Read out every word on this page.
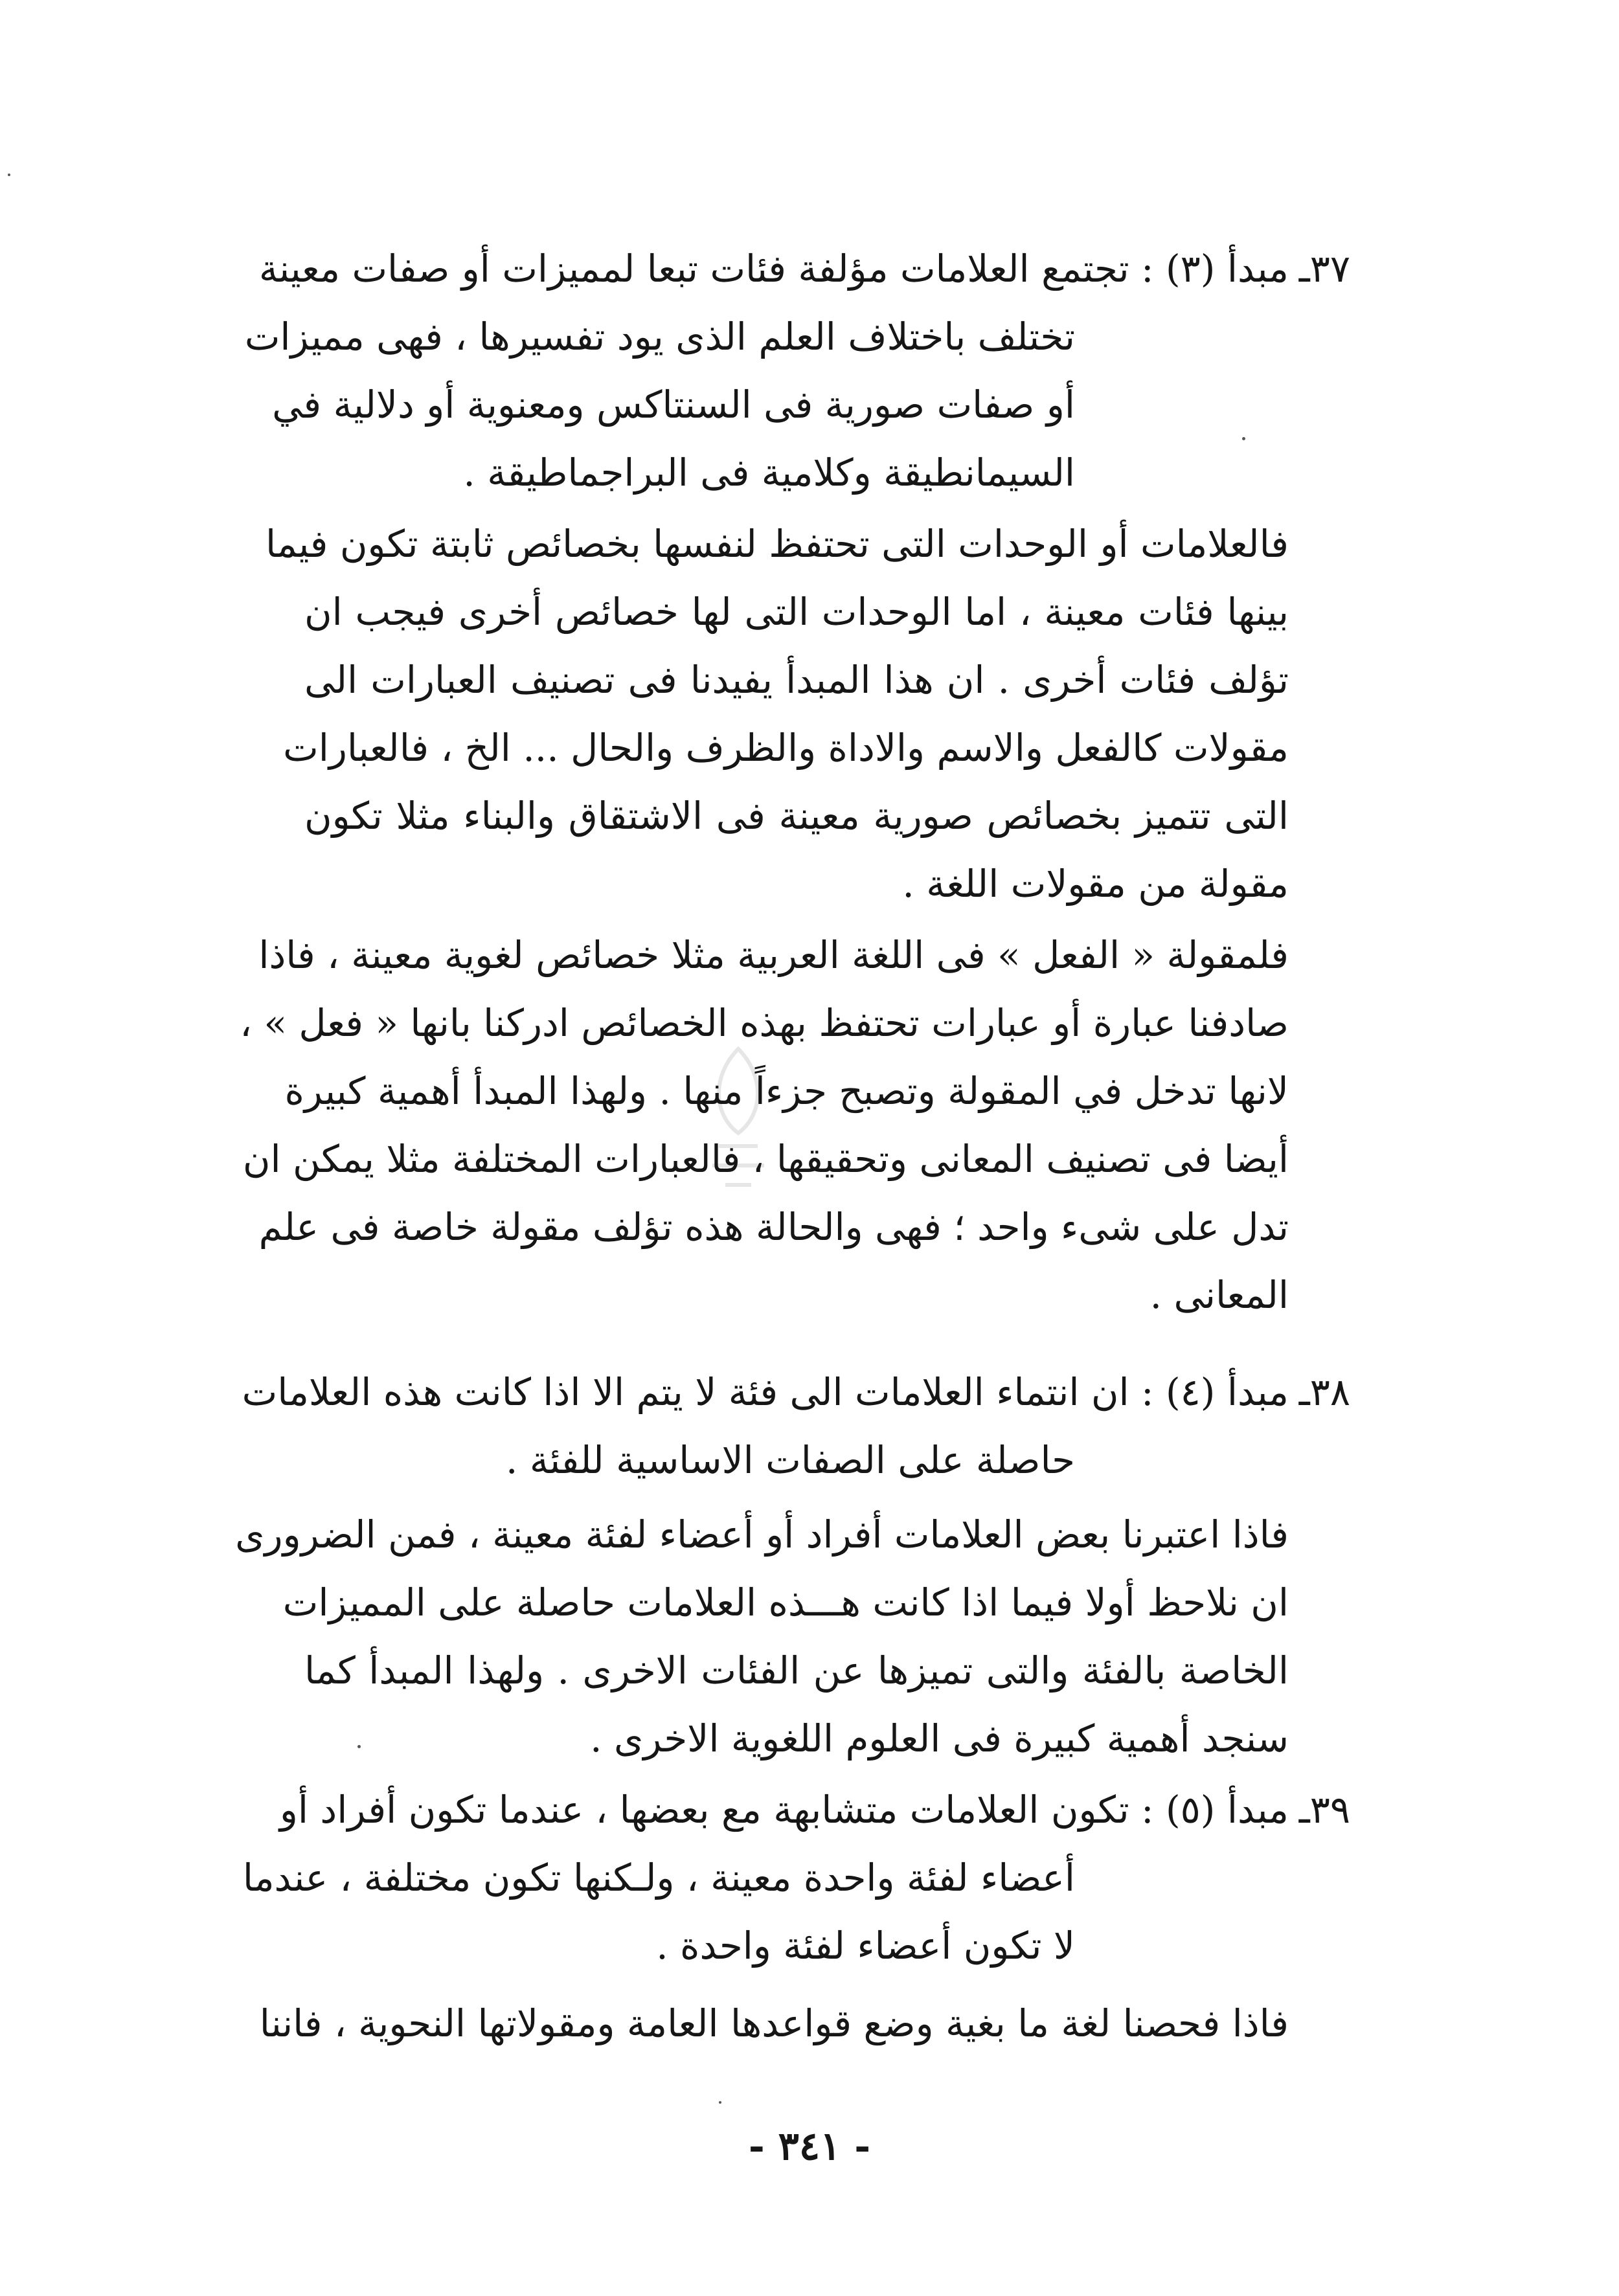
٣٧ـ
مبدأ (٣) : تجتمع العلامات مؤلفة فئات تبعا لمميزات أو صفات معينة
تختلف باختلاف العلم الذى يود تفسيرها ، فهى مميزات
أو صفات صورية فى السنتاكس ومعنوية أو دلالية في
السيمانطيقة وكلامية فى البراجماطيقة .
فالعلامات أو الوحدات التى تحتفظ لنفسها بخصائص ثابتة تكون فيما
بينها فئات معينة ، اما الوحدات التى لها خصائص أخرى فيجب ان
تؤلف فئات أخرى . ان هذا المبدأ يفيدنا فى تصنيف العبارات الى
مقولات كالفعل والاسم والاداة والظرف والحال ... الخ ، فالعبارات
التى تتميز بخصائص صورية معينة فى الاشتقاق والبناء مثلا تكون
مقولة من مقولات اللغة .
فلمقولة « الفعل » فى اللغة العربية مثلا خصائص لغوية معينة ، فاذا
صادفنا عبارة أو عبارات تحتفظ بهذه الخصائص ادركنا بانها « فعل » ،
لانها تدخل في المقولة وتصبح جزءاً منها . ولهذا المبدأ أهمية كبيرة
أيضا فى تصنيف المعانى وتحقيقها ، فالعبارات المختلفة مثلا يمكن ان
تدل على شىء واحد ؛ فهى والحالة هذه تؤلف مقولة خاصة فى علم
المعانى .
٣٨ـ
مبدأ (٤) : ان انتماء العلامات الى فئة لا يتم الا اذا كانت هذه العلامات
حاصلة على الصفات الاساسية للفئة .
فاذا اعتبرنا بعض العلامات أفراد أو أعضاء لفئة معينة ، فمن الضرورى
ان نلاحظ أولا فيما اذا كانت هـــذه العلامات حاصلة على المميزات
الخاصة بالفئة والتى تميزها عن الفئات الاخرى . ولهذا المبدأ كما
سنجد أهمية كبيرة فى العلوم اللغوية الاخرى .
٣٩ـ
مبدأ (٥) : تكون العلامات متشابهة مع بعضها ، عندما تكون أفراد أو
أعضاء لفئة واحدة معينة ، ولـكنها تكون مختلفة ، عندما
لا تكون أعضاء لفئة واحدة .
فاذا فحصنا لغة ما بغية وضع قواعدها العامة ومقولاتها النحوية ، فاننا
- ٣٤١ -
